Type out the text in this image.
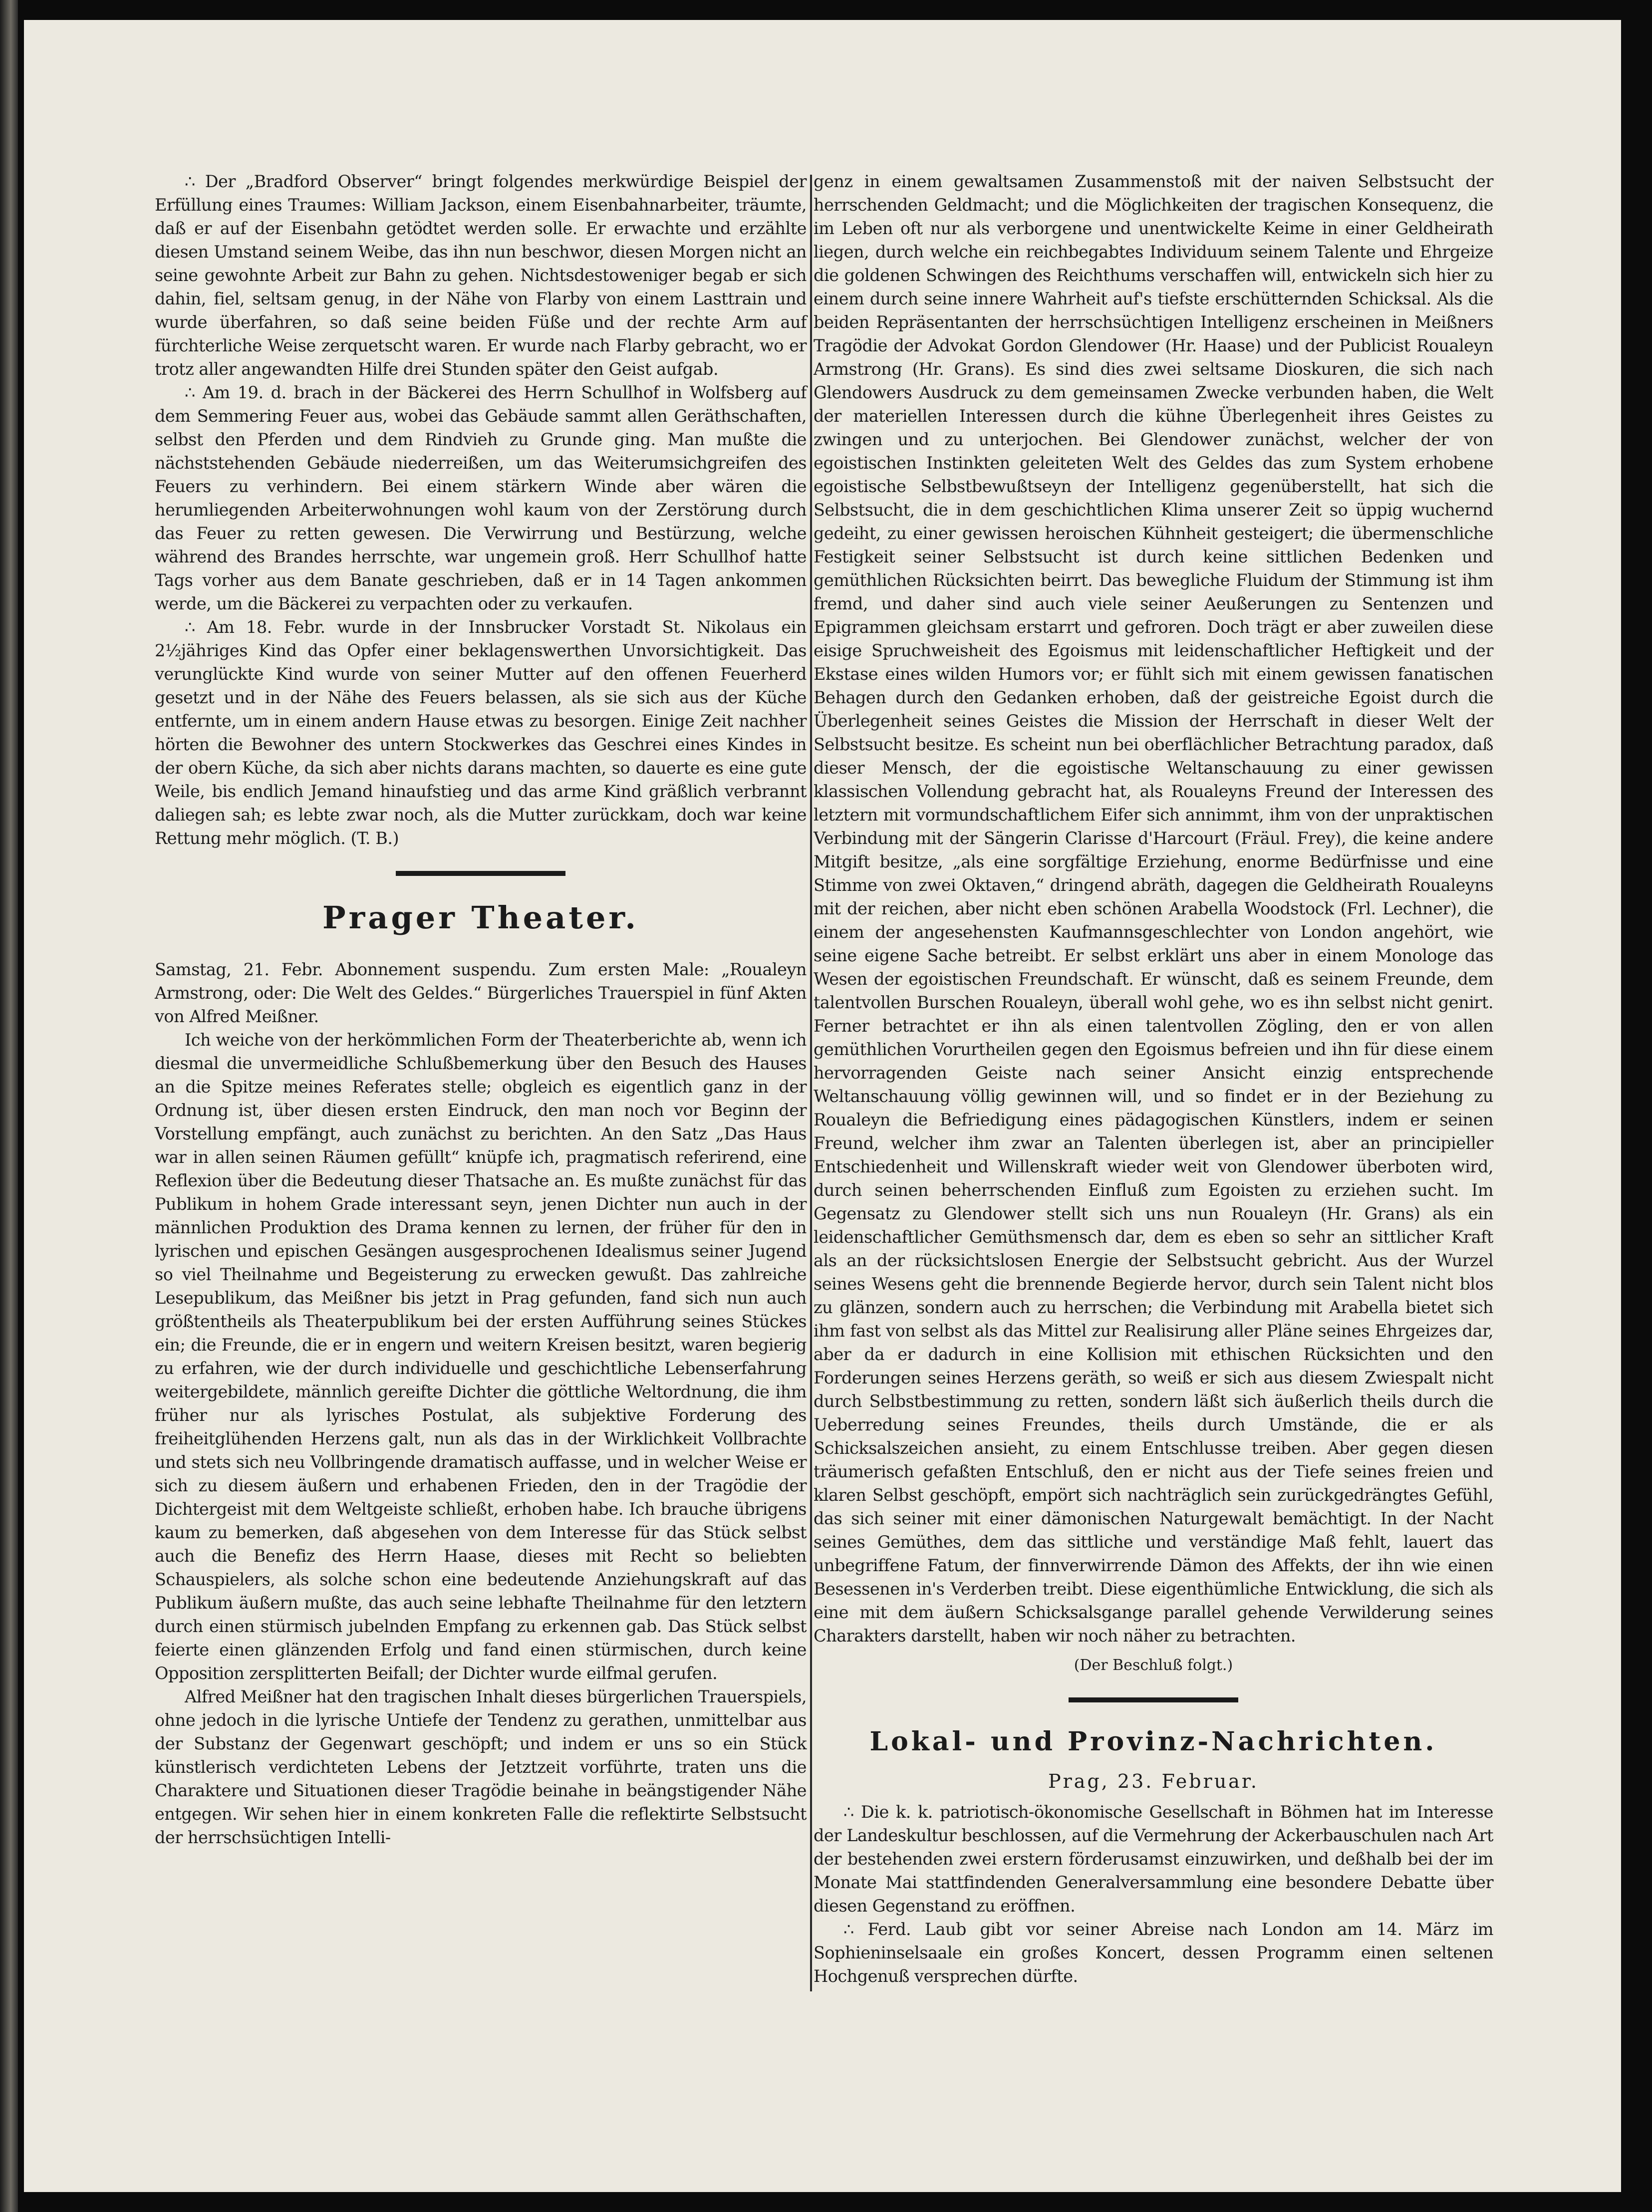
∴ Der „Bradford Observer“ bringt folgendes merkwürdige Beispiel der Erfüllung eines Traumes: William Jackson, einem Eisenbahnarbeiter, träumte, daß er auf der Eisenbahn getödtet werden solle. Er erwachte und erzählte diesen Umstand seinem Weibe, das ihn nun beschwor, diesen Morgen nicht an seine gewohnte Arbeit zur Bahn zu gehen. Nichtsdestoweniger begab er sich dahin, fiel, seltsam genug, in der Nähe von Flarby von einem Lasttrain und wurde überfahren, so daß seine beiden Füße und der rechte Arm auf fürchterliche Weise zerquetscht waren. Er wurde nach Flarby gebracht, wo er trotz aller angewandten Hilfe drei Stunden später den Geist aufgab.

∴ Am 19. d. brach in der Bäckerei des Herrn Schullhof in Wolfsberg auf dem Semmering Feuer aus, wobei das Gebäude sammt allen Geräthschaften, selbst den Pferden und dem Rindvieh zu Grunde ging. Man mußte die nächststehenden Gebäude niederreißen, um das Weiterumsichgreifen des Feuers zu verhindern. Bei einem stärkern Winde aber wären die herumliegenden Arbeiterwohnungen wohl kaum von der Zerstörung durch das Feuer zu retten gewesen. Die Verwirrung und Bestürzung, welche während des Brandes herrschte, war ungemein groß. Herr Schullhof hatte Tags vorher aus dem Banate geschrieben, daß er in 14 Tagen ankommen werde, um die Bäckerei zu verpachten oder zu verkaufen.

∴ Am 18. Febr. wurde in der Innsbrucker Vorstadt St. Nikolaus ein 2½jähriges Kind das Opfer einer beklagenswerthen Unvorsichtigkeit. Das verunglückte Kind wurde von seiner Mutter auf den offenen Feuerherd gesetzt und in der Nähe des Feuers belassen, als sie sich aus der Küche entfernte, um in einem andern Hause etwas zu besorgen. Einige Zeit nachher hörten die Bewohner des untern Stockwerkes das Geschrei eines Kindes in der obern Küche, da sich aber nichts darans machten, so dauerte es eine gute Weile, bis endlich Jemand hinaufstieg und das arme Kind gräßlich verbrannt daliegen sah; es lebte zwar noch, als die Mutter zurückkam, doch war keine Rettung mehr möglich. (T. B.)

Prager Theater.

Samstag, 21. Febr. Abonnement suspendu. Zum ersten Male: „Roualeyn Armstrong, oder: Die Welt des Geldes.“ Bürgerliches Trauerspiel in fünf Akten von Alfred Meißner.

Ich weiche von der herkömmlichen Form der Theaterberichte ab, wenn ich diesmal die unvermeidliche Schlußbemerkung über den Besuch des Hauses an die Spitze meines Referates stelle; obgleich es eigentlich ganz in der Ordnung ist, über diesen ersten Eindruck, den man noch vor Beginn der Vorstellung empfängt, auch zunächst zu berichten. An den Satz „Das Haus war in allen seinen Räumen gefüllt“ knüpfe ich, pragmatisch referirend, eine Reflexion über die Bedeutung dieser Thatsache an. Es mußte zunächst für das Publikum in hohem Grade interessant seyn, jenen Dichter nun auch in der männlichen Produktion des Drama kennen zu lernen, der früher für den in lyrischen und epischen Gesängen ausgesprochenen Idealismus seiner Jugend so viel Theilnahme und Begeisterung zu erwecken gewußt. Das zahlreiche Lesepublikum, das Meißner bis jetzt in Prag gefunden, fand sich nun auch größtentheils als Theaterpublikum bei der ersten Aufführung seines Stückes ein; die Freunde, die er in engern und weitern Kreisen besitzt, waren begierig zu erfahren, wie der durch individuelle und geschichtliche Lebenserfahrung weitergebildete, männlich gereifte Dichter die göttliche Weltordnung, die ihm früher nur als lyrisches Postulat, als subjektive Forderung des freiheitglühenden Herzens galt, nun als das in der Wirklichkeit Vollbrachte und stets sich neu Vollbringende dramatisch auffasse, und in welcher Weise er sich zu diesem äußern und erhabenen Frieden, den in der Tragödie der Dichtergeist mit dem Weltgeiste schließt, erhoben habe. Ich brauche übrigens kaum zu bemerken, daß abgesehen von dem Interesse für das Stück selbst auch die Benefiz des Herrn Haase, dieses mit Recht so beliebten Schauspielers, als solche schon eine bedeutende Anziehungskraft auf das Publikum äußern mußte, das auch seine lebhafte Theilnahme für den letztern durch einen stürmisch jubelnden Empfang zu erkennen gab. Das Stück selbst feierte einen glänzenden Erfolg und fand einen stürmischen, durch keine Opposition zersplitterten Beifall; der Dichter wurde eilfmal gerufen.

Alfred Meißner hat den tragischen Inhalt dieses bürgerlichen Trauerspiels, ohne jedoch in die lyrische Untiefe der Tendenz zu gerathen, unmittelbar aus der Substanz der Gegenwart geschöpft; und indem er uns so ein Stück künstlerisch verdichteten Lebens der Jetztzeit vorführte, traten uns die Charaktere und Situationen dieser Tragödie beinahe in beängstigender Nähe entgegen. Wir sehen hier in einem konkreten Falle die reflektirte Selbstsucht der herrschsüchtigen Intelli-

genz in einem gewaltsamen Zusammenstoß mit der naiven Selbstsucht der herrschenden Geldmacht; und die Möglichkeiten der tragischen Konsequenz, die im Leben oft nur als verborgene und unentwickelte Keime in einer Geldheirath liegen, durch welche ein reichbegabtes Individuum seinem Talente und Ehrgeize die goldenen Schwingen des Reichthums verschaffen will, entwickeln sich hier zu einem durch seine innere Wahrheit auf's tiefste erschütternden Schicksal. Als die beiden Repräsentanten der herrschsüchtigen Intelligenz erscheinen in Meißners Tragödie der Advokat Gordon Glendower (Hr. Haase) und der Publicist Roualeyn Armstrong (Hr. Grans). Es sind dies zwei seltsame Dioskuren, die sich nach Glendowers Ausdruck zu dem gemeinsamen Zwecke verbunden haben, die Welt der materiellen Interessen durch die kühne Überlegenheit ihres Geistes zu zwingen und zu unterjochen. Bei Glendower zunächst, welcher der von egoistischen Instinkten geleiteten Welt des Geldes das zum System erhobene egoistische Selbstbewußtseyn der Intelligenz gegenüberstellt, hat sich die Selbstsucht, die in dem geschichtlichen Klima unserer Zeit so üppig wuchernd gedeiht, zu einer gewissen heroischen Kühnheit gesteigert; die übermenschliche Festigkeit seiner Selbstsucht ist durch keine sittlichen Bedenken und gemüthlichen Rücksichten beirrt. Das bewegliche Fluidum der Stimmung ist ihm fremd, und daher sind auch viele seiner Aeußerungen zu Sentenzen und Epigrammen gleichsam erstarrt und gefroren. Doch trägt er aber zuweilen diese eisige Spruchweisheit des Egoismus mit leidenschaftlicher Heftigkeit und der Ekstase eines wilden Humors vor; er fühlt sich mit einem gewissen fanatischen Behagen durch den Gedanken erhoben, daß der geistreiche Egoist durch die Überlegenheit seines Geistes die Mission der Herrschaft in dieser Welt der Selbstsucht besitze. Es scheint nun bei oberflächlicher Betrachtung paradox, daß dieser Mensch, der die egoistische Weltanschauung zu einer gewissen klassischen Vollendung gebracht hat, als Roualeyns Freund der Interessen des letztern mit vormundschaftlichem Eifer sich annimmt, ihm von der unpraktischen Verbindung mit der Sängerin Clarisse d'Harcourt (Fräul. Frey), die keine andere Mitgift besitze, „als eine sorgfältige Erziehung, enorme Bedürfnisse und eine Stimme von zwei Oktaven,“ dringend abräth, dagegen die Geldheirath Roualeyns mit der reichen, aber nicht eben schönen Arabella Woodstock (Frl. Lechner), die einem der angesehensten Kaufmannsgeschlechter von London angehört, wie seine eigene Sache betreibt. Er selbst erklärt uns aber in einem Monologe das Wesen der egoistischen Freundschaft. Er wünscht, daß es seinem Freunde, dem talentvollen Burschen Roualeyn, überall wohl gehe, wo es ihn selbst nicht genirt. Ferner betrachtet er ihn als einen talentvollen Zögling, den er von allen gemüthlichen Vorurtheilen gegen den Egoismus befreien und ihn für diese einem hervorragenden Geiste nach seiner Ansicht einzig entsprechende Weltanschauung völlig gewinnen will, und so findet er in der Beziehung zu Roualeyn die Befriedigung eines pädagogischen Künstlers, indem er seinen Freund, welcher ihm zwar an Talenten überlegen ist, aber an principieller Entschiedenheit und Willenskraft wieder weit von Glendower überboten wird, durch seinen beherrschenden Einfluß zum Egoisten zu erziehen sucht. Im Gegensatz zu Glendower stellt sich uns nun Roualeyn (Hr. Grans) als ein leidenschaftlicher Gemüthsmensch dar, dem es eben so sehr an sittlicher Kraft als an der rücksichtslosen Energie der Selbstsucht gebricht. Aus der Wurzel seines Wesens geht die brennende Begierde hervor, durch sein Talent nicht blos zu glänzen, sondern auch zu herrschen; die Verbindung mit Arabella bietet sich ihm fast von selbst als das Mittel zur Realisirung aller Pläne seines Ehrgeizes dar, aber da er dadurch in eine Kollision mit ethischen Rücksichten und den Forderungen seines Herzens geräth, so weiß er sich aus diesem Zwiespalt nicht durch Selbstbestimmung zu retten, sondern läßt sich äußerlich theils durch die Ueberredung seines Freundes, theils durch Umstände, die er als Schicksalszeichen ansieht, zu einem Entschlusse treiben. Aber gegen diesen träumerisch gefaßten Entschluß, den er nicht aus der Tiefe seines freien und klaren Selbst geschöpft, empört sich nachträglich sein zurückgedrängtes Gefühl, das sich seiner mit einer dämonischen Naturgewalt bemächtigt. In der Nacht seines Gemüthes, dem das sittliche und verständige Maß fehlt, lauert das unbegriffene Fatum, der finnverwirrende Dämon des Affekts, der ihn wie einen Besessenen in's Verderben treibt. Diese eigenthümliche Entwicklung, die sich als eine mit dem äußern Schicksalsgange parallel gehende Verwilderung seines Charakters darstellt, haben wir noch näher zu betrachten.

(Der Beschluß folgt.)
Lokal- und Provinz-Nachrichten.
Prag, 23. Februar.

∴ Die k. k. patriotisch-ökonomische Gesellschaft in Böhmen hat im Interesse der Landeskultur beschlossen, auf die Vermehrung der Ackerbauschulen nach Art der bestehenden zwei erstern förderusamst einzuwirken, und deßhalb bei der im Monate Mai stattfindenden Generalversammlung eine besondere Debatte über diesen Gegenstand zu eröffnen.

∴ Ferd. Laub gibt vor seiner Abreise nach London am 14. März im Sophieninselsaale ein großes Koncert, dessen Programm einen seltenen Hochgenuß versprechen dürfte.
